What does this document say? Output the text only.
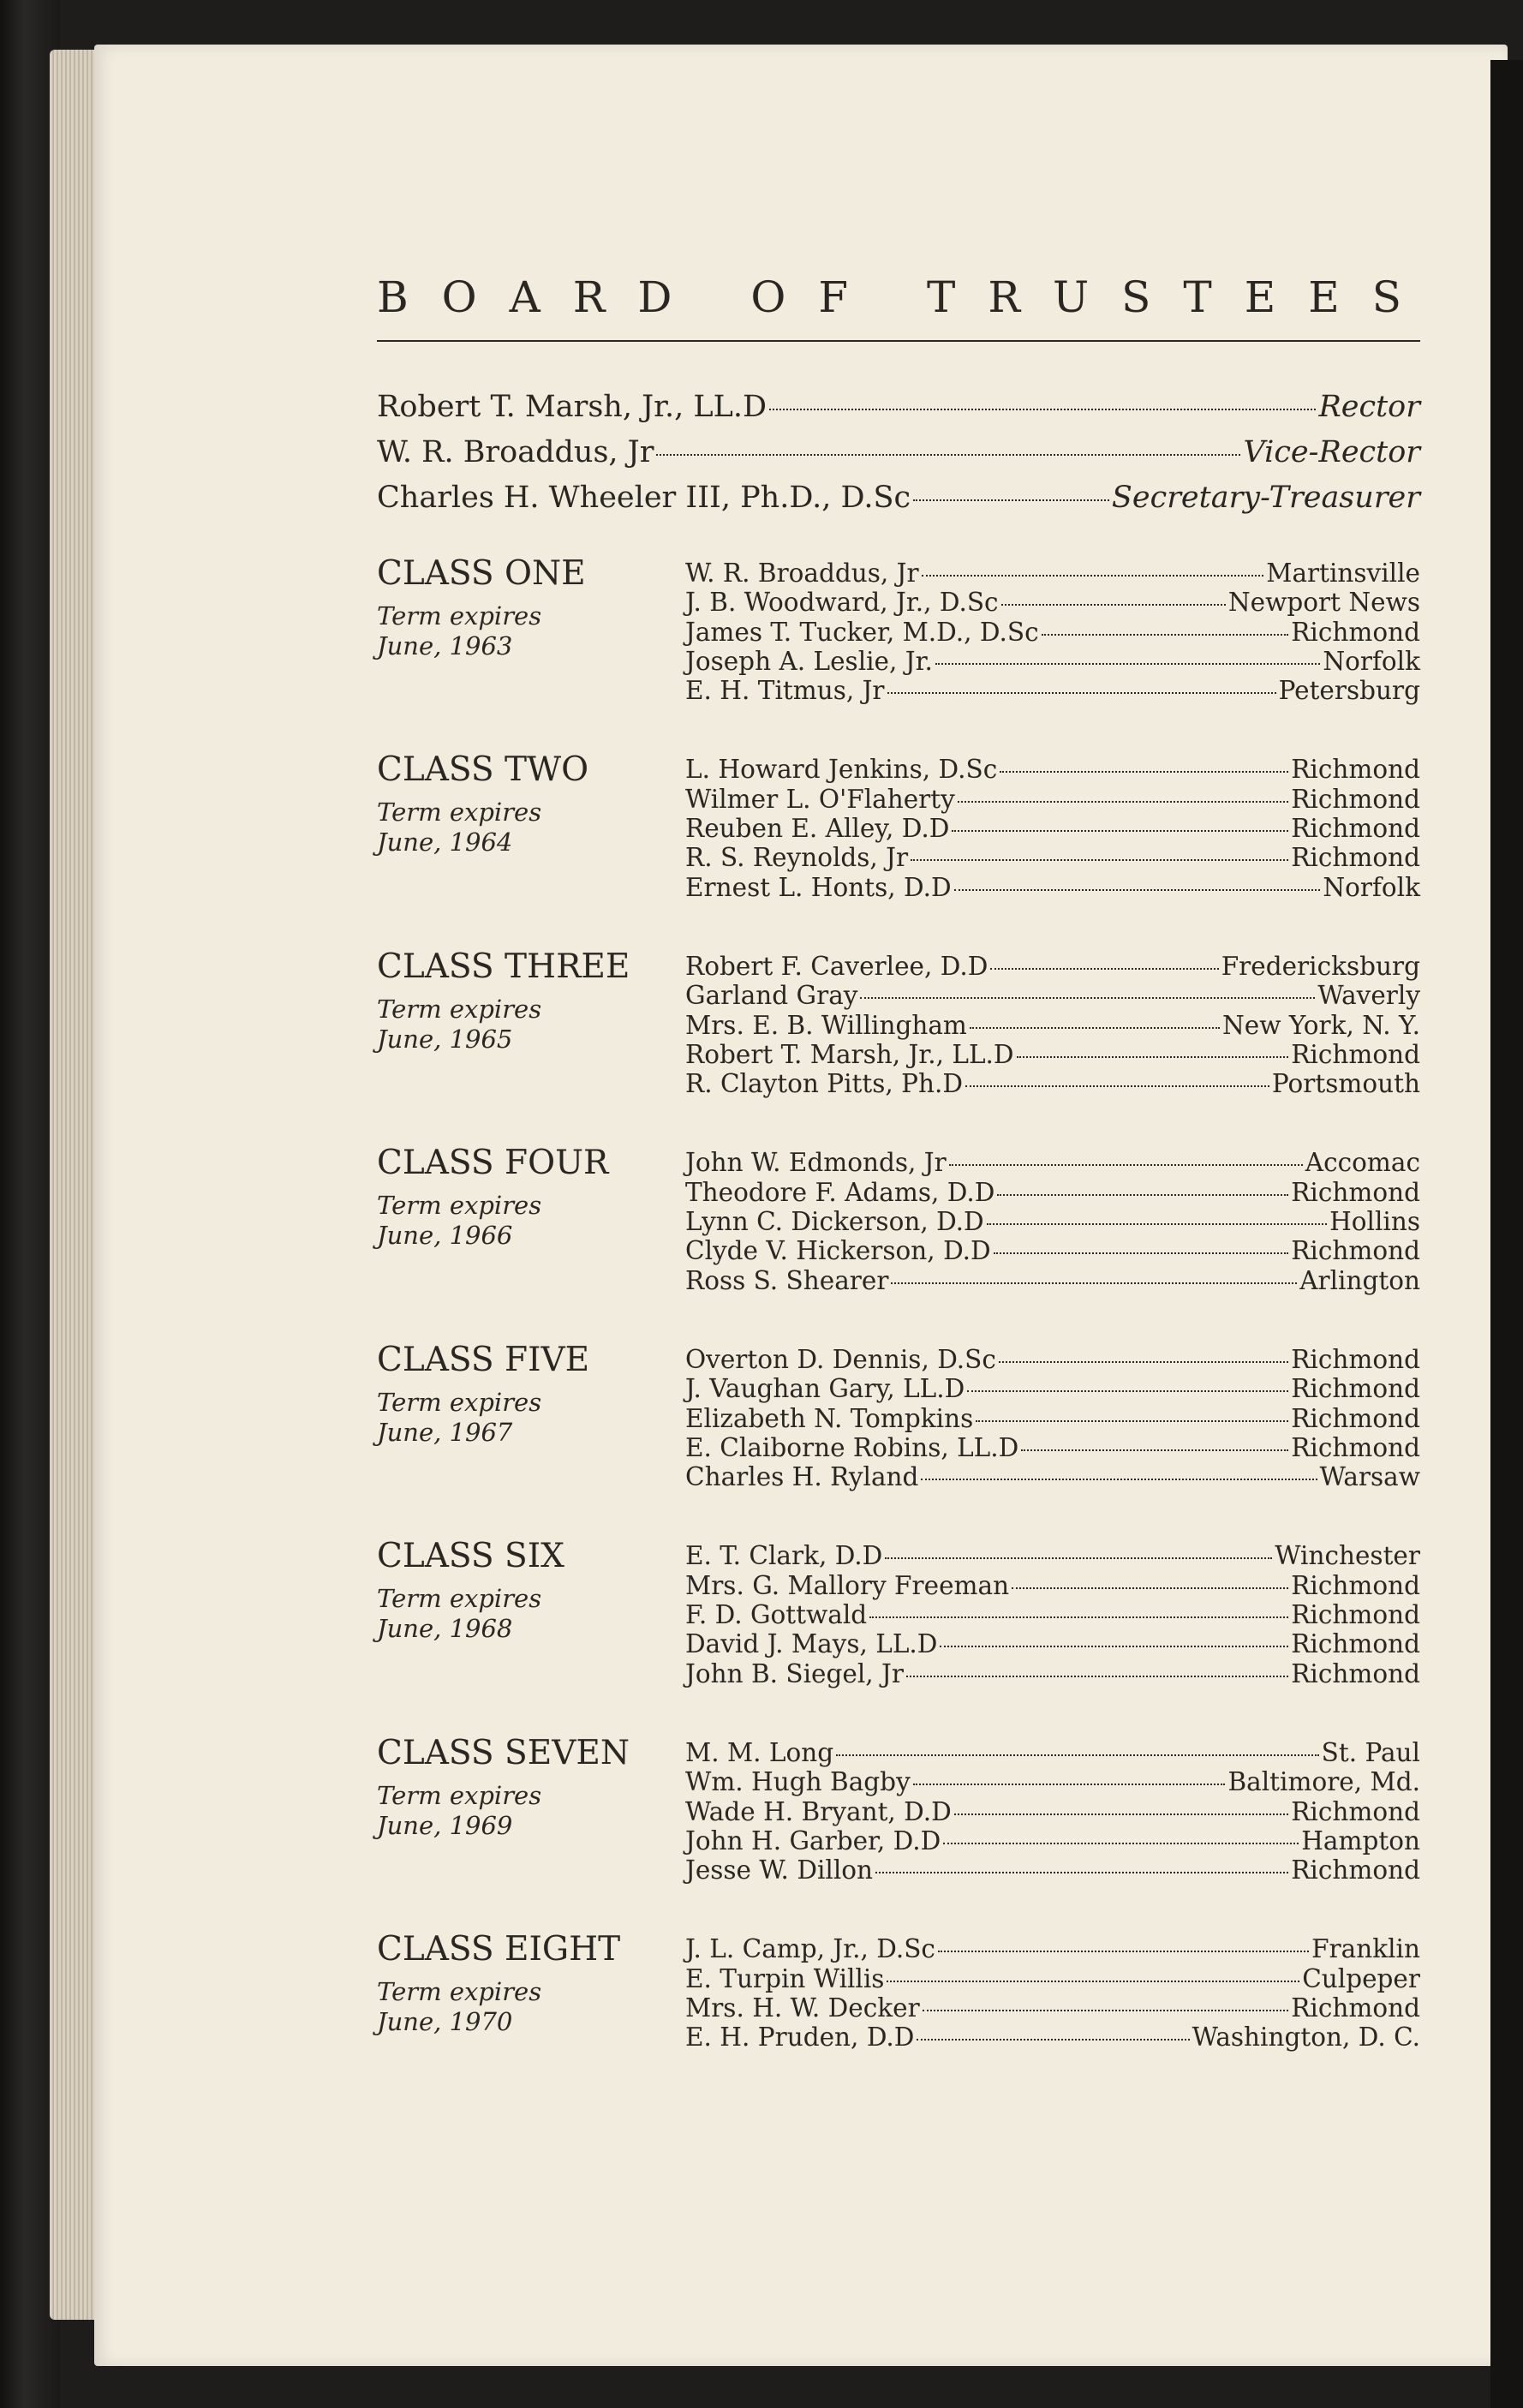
BOARD OF TRUSTEES
Robert T. Marsh, Jr., LL.D	Rector
W. R. Broaddus, Jr	Vice-Rector
Charles H. Wheeler III, Ph.D., D.Sc	Secretary-Treasurer
CLASS ONE
Term expires
June, 1963
W. R. Broaddus, Jr	Martinsville
J. B. Woodward, Jr., D.Sc	Newport News
James T. Tucker, M.D., D.Sc	Richmond
Joseph A. Leslie, Jr.	Norfolk
E. H. Titmus, Jr	Petersburg
CLASS TWO
Term expires
June, 1964
L. Howard Jenkins, D.Sc	Richmond
Wilmer L. O'Flaherty	Richmond
Reuben E. Alley, D.D	Richmond
R. S. Reynolds, Jr	Richmond
Ernest L. Honts, D.D	Norfolk
CLASS THREE
Term expires
June, 1965
Robert F. Caverlee, D.D	Fredericksburg
Garland Gray	Waverly
Mrs. E. B. Willingham	New York, N. Y.
Robert T. Marsh, Jr., LL.D	Richmond
R. Clayton Pitts, Ph.D	Portsmouth
CLASS FOUR
Term expires
June, 1966
John W. Edmonds, Jr	Accomac
Theodore F. Adams, D.D	Richmond
Lynn C. Dickerson, D.D	Hollins
Clyde V. Hickerson, D.D	Richmond
Ross S. Shearer	Arlington
CLASS FIVE
Term expires
June, 1967
Overton D. Dennis, D.Sc	Richmond
J. Vaughan Gary, LL.D	Richmond
Elizabeth N. Tompkins	Richmond
E. Claiborne Robins, LL.D	Richmond
Charles H. Ryland	Warsaw
CLASS SIX
Term expires
June, 1968
E. T. Clark, D.D	Winchester
Mrs. G. Mallory Freeman	Richmond
F. D. Gottwald	Richmond
David J. Mays, LL.D	Richmond
John B. Siegel, Jr	Richmond
CLASS SEVEN
Term expires
June, 1969
M. M. Long	St. Paul
Wm. Hugh Bagby	Baltimore, Md.
Wade H. Bryant, D.D	Richmond
John H. Garber, D.D	Hampton
Jesse W. Dillon	Richmond
CLASS EIGHT
Term expires
June, 1970
J. L. Camp, Jr., D.Sc	Franklin
E. Turpin Willis	Culpeper
Mrs. H. W. Decker	Richmond
E. H. Pruden, D.D	Washington, D. C.
